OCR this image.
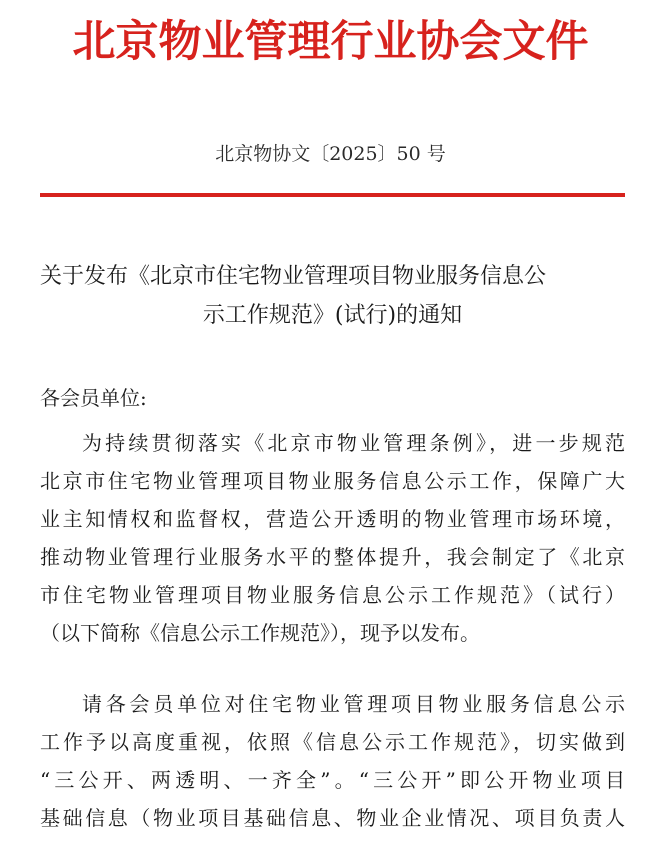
北京物业管理行业协会文件
北京物协文〔2025〕50 号
关于发布《北京市住宅物业管理项目物业服务信息公
示工作规范》(试行)的通知
各会员单位:
为持续贯彻落实《北京市物业管理条例》，进一步规范
北京市住宅物业管理项目物业服务信息公示工作，保障广大
业主知情权和监督权，营造公开透明的物业管理市场环境，
推动物业管理行业服务水平的整体提升，我会制定了《北京
市住宅物业管理项目物业服务信息公示工作规范》（试行）
（以下简称《信息公示工作规范》），现予以发布。
请各会员单位对住宅物业管理项目物业服务信息公示
工作予以高度重视，依照《信息公示工作规范》，切实做到
“三公开、两透明、一齐全”。“三公开”即公开物业项目
基础信息（物业项目基础信息、物业企业情况、项目负责人
